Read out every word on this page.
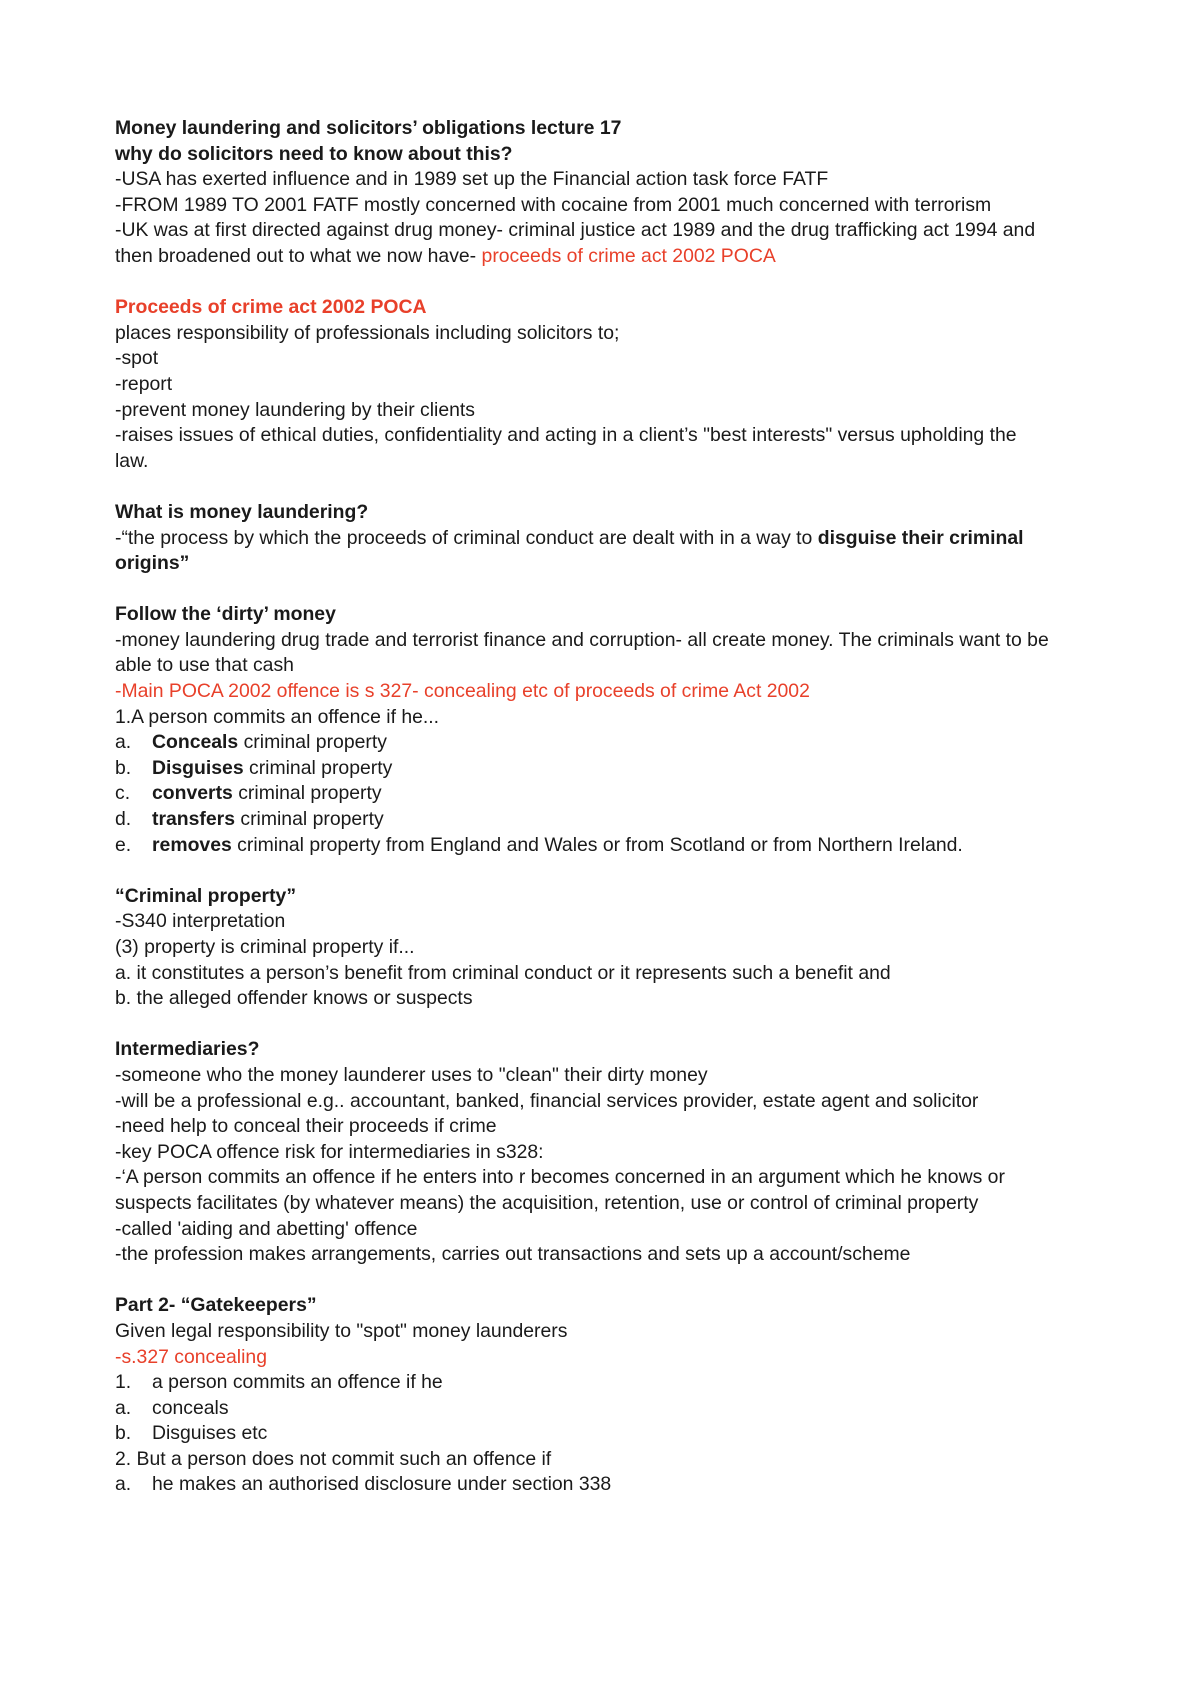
Money laundering and solicitors’ obligations lecture 17

why do solicitors need to know about this?

-USA has exerted influence and in 1989 set up the Financial action task force FATF

-FROM 1989 TO 2001 FATF mostly concerned with cocaine from 2001 much concerned with terrorism

-UK was at first directed against drug money- criminal justice act 1989 and the drug trafficking act 1994 and then broadened out to what we now have- proceeds of crime act 2002 POCA

Proceeds of crime act 2002 POCA

places responsibility of professionals including solicitors to;

-spot

-report

-prevent money laundering by their clients

-raises issues of ethical duties, confidentiality and acting in a client’s "best interests" versus upholding the law.

What is money laundering?

-“the process by which the proceeds of criminal conduct are dealt with in a way to disguise their criminal origins”

Follow the ‘dirty’ money

-money laundering drug trade and terrorist finance and corruption- all create money. The criminals want to be able to use that cash

-Main POCA 2002 offence is s 327- concealing etc of proceeds of crime Act 2002

1.A person commits an offence if he...

a.	Conceals criminal property

b.	Disguises criminal property

c.	converts criminal property

d.	transfers criminal property

e.	removes criminal property from England and Wales or from Scotland or from Northern Ireland.

“Criminal property”

-S340 interpretation

(3) property is criminal property if...

a. it constitutes a person’s benefit from criminal conduct or it represents such a benefit and

b. the alleged offender knows or suspects

Intermediaries?

-someone who the money launderer uses to "clean" their dirty money

-will be a professional e.g.. accountant, banked, financial services provider, estate agent and solicitor

-need help to conceal their proceeds if crime

-key POCA offence risk for intermediaries in s328:

-‘A person commits an offence if he enters into r becomes concerned in an argument which he knows or suspects facilitates (by whatever means) the acquisition, retention, use or control of criminal property

-called 'aiding and abetting' offence

-the profession makes arrangements, carries out transactions and sets up a account/scheme

Part 2- “Gatekeepers”

Given legal responsibility to "spot" money launderers

-s.327 concealing

1.	a person commits an offence if he

a.	conceals

b.	Disguises etc

2. But a person does not commit such an offence if

a.	he makes an authorised disclosure under section 338
